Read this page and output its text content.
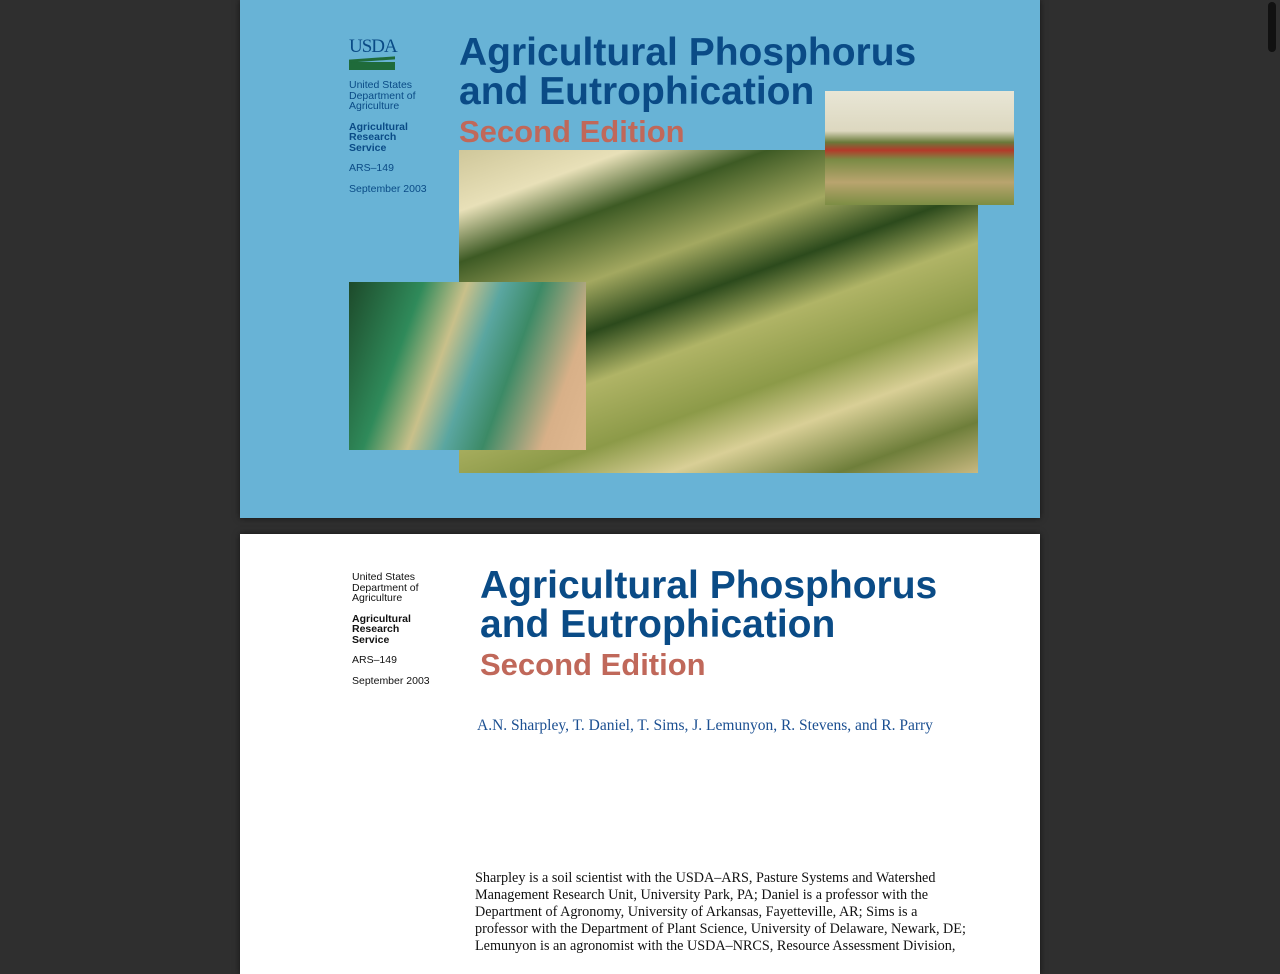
USDA
United States
Department of
Agriculture
Agricultural
Research
Service
ARS–149
September 2003
Agricultural Phosphorus
and Eutrophication
Second Edition
United States
Department of
Agriculture
Agricultural
Research
Service
ARS–149
September 2003
Agricultural Phosphorus
and Eutrophication
Second Edition
A.N. Sharpley, T. Daniel, T. Sims, J. Lemunyon, R. Stevens, and R. Parry
Sharpley is a soil scientist with the USDA–ARS, Pasture Systems and Watershed
Management Research Unit, University Park, PA; Daniel is a professor with the
Department of Agronomy, University of Arkansas, Fayetteville, AR; Sims is a
professor with the Department of Plant Science, University of Delaware, Newark, DE;
Lemunyon is an agronomist with the USDA–NRCS, Resource Assessment Division,
